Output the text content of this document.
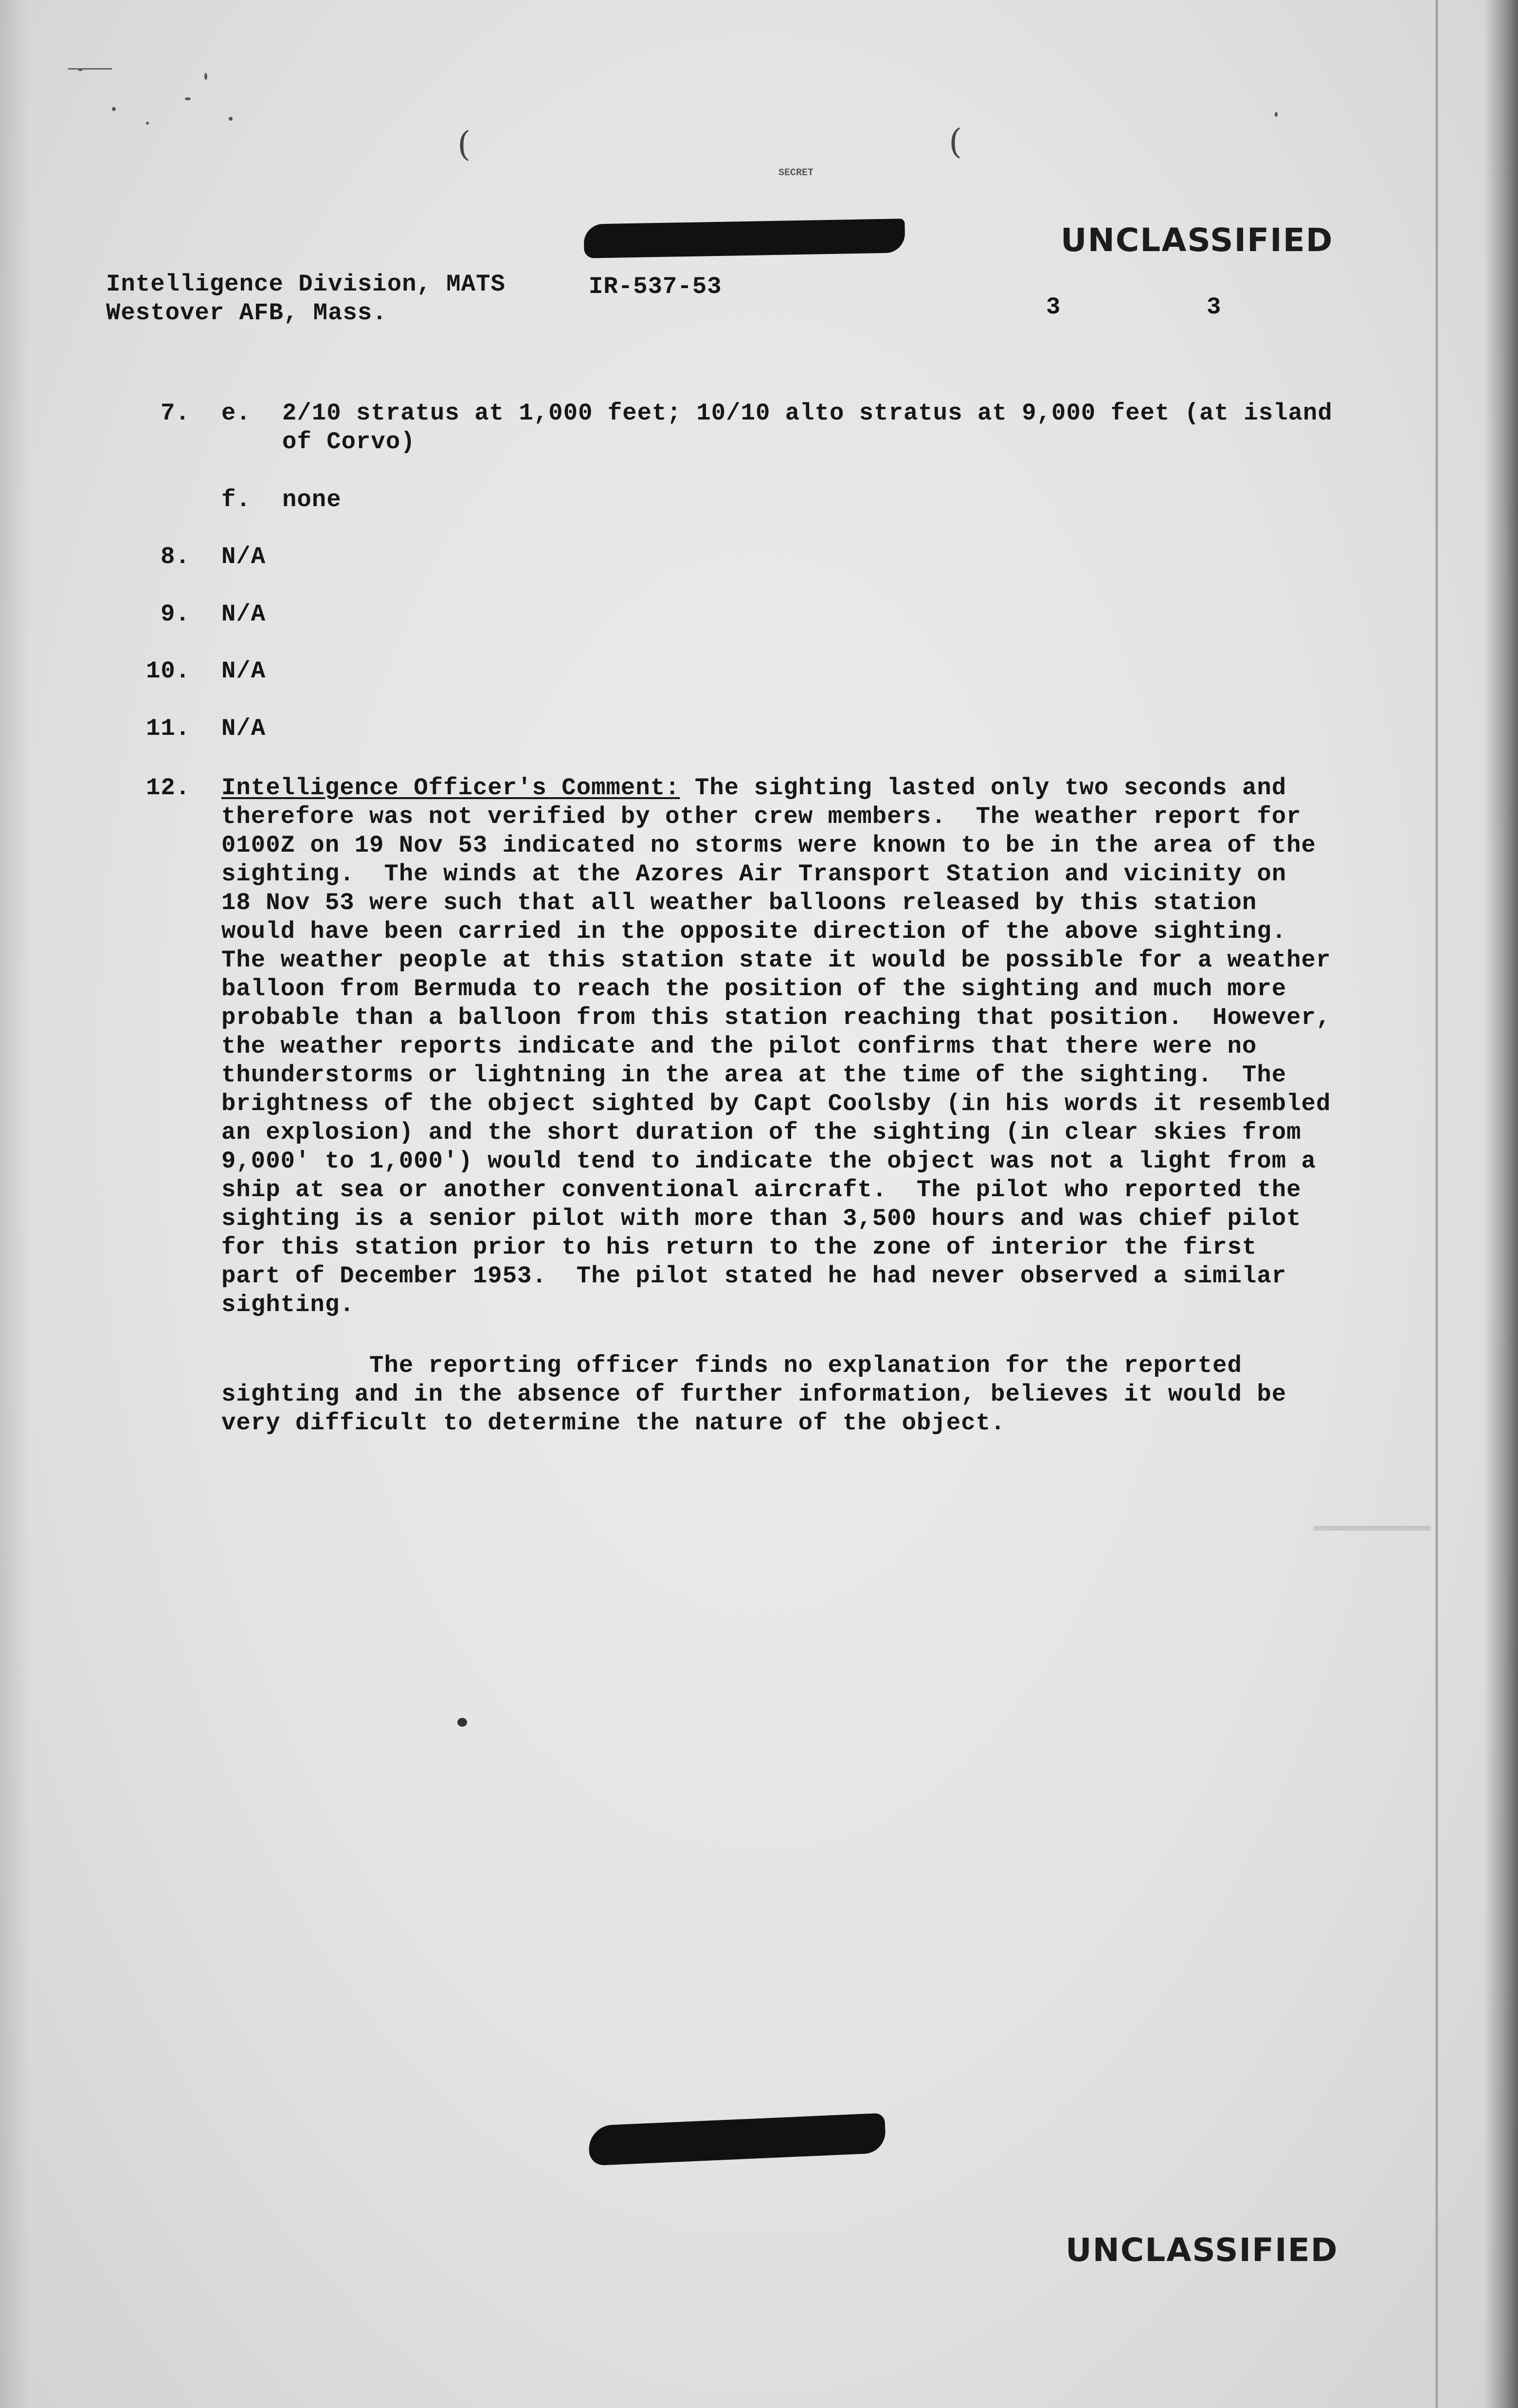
(	(
SECRET
UNCLASSIFIED
Intelligence Division, MATS
Westover AFB, Mass.
IR-537-53
3	3
7. e. 2/10 stratus at 1,000 feet; 10/10 alto stratus at 9,000 feet (at island
of Corvo)
f. none
8. N/A
9. N/A
10. N/A
11. N/A
12. Intelligence Officer's Comment: The sighting lasted only two seconds and
therefore was not verified by other crew members.  The weather report for
0100Z on 19 Nov 53 indicated no storms were known to be in the area of the
sighting.  The winds at the Azores Air Transport Station and vicinity on
18 Nov 53 were such that all weather balloons released by this station
would have been carried in the opposite direction of the above sighting.
The weather people at this station state it would be possible for a weather
balloon from Bermuda to reach the position of the sighting and much more
probable than a balloon from this station reaching that position.  However,
the weather reports indicate and the pilot confirms that there were no
thunderstorms or lightning in the area at the time of the sighting.  The
brightness of the object sighted by Capt Coolsby (in his words it resembled
an explosion) and the short duration of the sighting (in clear skies from
9,000' to 1,000') would tend to indicate the object was not a light from a
ship at sea or another conventional aircraft.  The pilot who reported the
sighting is a senior pilot with more than 3,500 hours and was chief pilot
for this station prior to his return to the zone of interior the first
part of December 1953.  The pilot stated he had never observed a similar
sighting.
The reporting officer finds no explanation for the reported
sighting and in the absence of further information, believes it would be
very difficult to determine the nature of the object.
UNCLASSIFIED
